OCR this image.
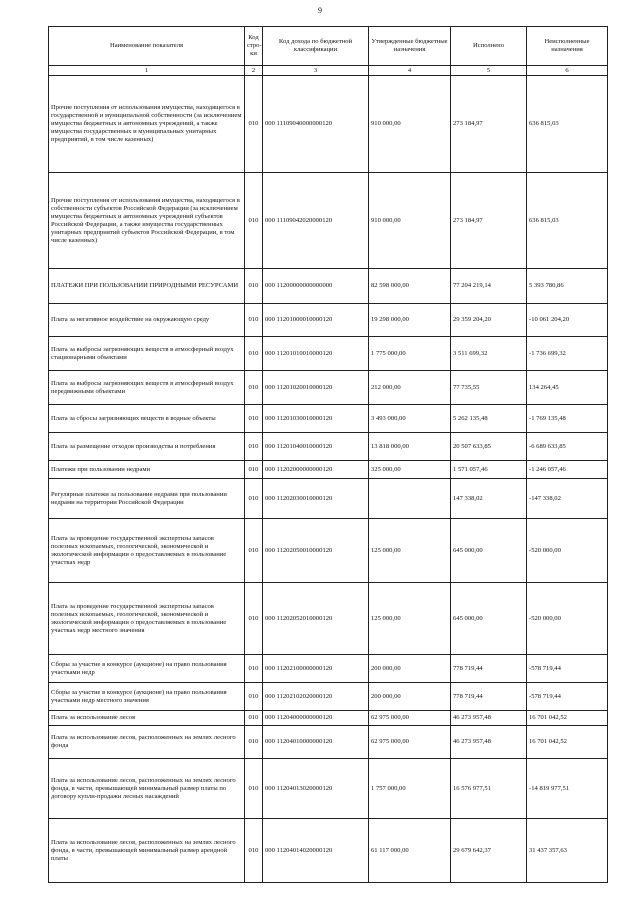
9
Наименование показателя	Код стро- ки	Код дохода по бюджетной классификации	Утвержденные бюджетные назначения	Исполнено	Неисполненные назначения
1	2	3	4	5	6
Прочие поступления от использования имущества, находящегося в государственной и муниципальной собственности (за исключением имущества бюджетных и автономных учреждений, а также имущества государственных и муниципальных унитарных предприятий, в том числе казенных)	010	000 11109040000000120	910 000,00	273 184,97	636 815,03
Прочие поступления от использования имущества, находящегося в собственности субъектов Российской Федерации (за исключением имущества бюджетных и автономных учреждений субъектов Российской Федерации, а также имущества государственных унитарных предприятий субъектов Российской Федерации, в том числе казенных)	010	000 11109042020000120	910 000,00	273 184,97	636 815,03
ПЛАТЕЖИ ПРИ ПОЛЬЗОВАНИИ ПРИРОДНЫМИ РЕСУРСАМИ	010	000 11200000000000000	82 598 000,00	77 204 219,14	5 393 780,86
Плата за негативное воздействие на окружающую среду	010	000 11201000010000120	19 298 000,00	29 359 204,20	-10 061 204,20
Плата за выбросы загрязняющих веществ в атмосферный воздух стационарными объектами	010	000 11201010010000120	1 775 000,00	3 511 699,32	-1 736 699,32
Плата за выбросы загрязняющих веществ в атмосферный воздух передвижными объектами	010	000 11201020010000120	212 000,00	77 735,55	134 264,45
Плата за сбросы загрязняющих веществ в водные объекты	010	000 11201030010000120	3 493 000,00	5 262 135,48	-1 769 135,48
Плата за размещение отходов производства и потребления	010	000 11201040010000120	13 818 000,00	20 507 633,85	-6 689 633,85
Платежи при пользовании недрами	010	000 11202000000000120	325 000,00	1 571 057,46	-1 246 057,46
Регулярные платежи за пользование недрами при пользовании недрами на территории Российской Федерации	010	000 11202030010000120		147 338,02	-147 338,02
Плата за проведение государственной экспертизы запасов полезных ископаемых, геологической, экономической и экологической информации о предоставляемых в пользование участках недр	010	000 11202050010000120	125 000,00	645 000,00	-520 000,00
Плата за проведение государственной экспертизы запасов полезных ископаемых, геологической, экономической и экологической информации о предоставляемых в пользование участках недр местного значения	010	000 11202052010000120	125 000,00	645 000,00	-520 000,00
Сборы за участие в конкурсе (аукционе) на право пользования участками недр	010	000 11202100000000120	200 000,00	778 719,44	-578 719,44
Сборы за участие в конкурсе (аукционе) на право пользования участками недр местного значения	010	000 11202102020000120	200 000,00	778 719,44	-578 719,44
Плата за использование лесов	010	000 11204000000000120	62 975 000,00	46 273 957,48	16 701 042,52
Плата за использование лесов, расположенных на землях лесного фонда	010	000 11204010000000120	62 975 000,00	46 273 957,48	16 701 042,52
Плата за использование лесов, расположенных на землях лесного фонда, в части, превышающей минимальный размер платы по договору купли-продажи лесных насаждений	010	000 11204013020000120	1 757 000,00	16 576 977,51	-14 819 977,51
Плата за использование лесов, расположенных на землях лесного фонда, в части, превышающей минимальный размер арендной платы	010	000 11204014020000120	61 117 000,00	29 679 642,37	31 437 357,63
